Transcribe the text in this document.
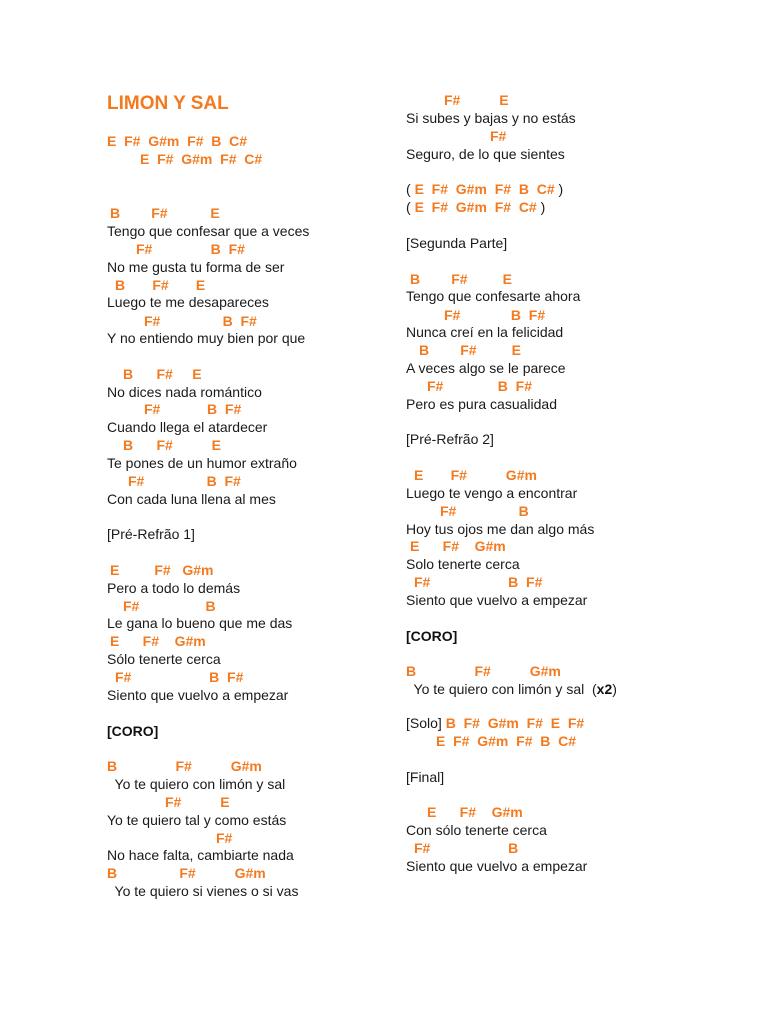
LIMON Y SAL
E  F#  G#m  F#  B  C#
E  F#  G#m  F#  C#
B        F#           E
Tengo que confesar que a veces
F#               B  F#
No me gusta tu forma de ser
B       F#       E
Luego te me desapareces
F#                B  F#
Y no entiendo muy bien por que
B      F#     E
No dices nada romántico
F#            B  F#
Cuando llega el atardecer
B      F#          E
Te pones de un humor extraño
F#                B  F#
Con cada luna llena al mes
[Pré-Refrão 1]
E         F#   G#m
Pero a todo lo demás
F#                 B
Le gana lo bueno que me das
E      F#    G#m
Sólo tenerte cerca
F#                    B  F#
Siento que vuelvo a empezar
[CORO]
B               F#          G#m
Yo te quiero con limón y sal
F#          E
Yo te quiero tal y como estás
F#
No hace falta, cambiarte nada
B                F#          G#m
Yo te quiero si vienes o si vas
F#          E
Si subes y bajas y no estás
F#
Seguro, de lo que sientes
( E  F#  G#m  F#  B  C# )
( E  F#  G#m  F#  C# )
[Segunda Parte]
B        F#         E
Tengo que confesarte ahora
F#             B  F#
Nunca creí en la felicidad
B        F#         E
A veces algo se le parece
F#              B  F#
Pero es pura casualidad
[Pré-Refrão 2]
E       F#          G#m
Luego te vengo a encontrar
F#                B
Hoy tus ojos me dan algo más
E      F#    G#m
Solo tenerte cerca
F#                    B  F#
Siento que vuelvo a empezar
[CORO]
B               F#          G#m
Yo te quiero con limón y sal  (x2)
[Solo] B  F#  G#m  F#  E  F#
E  F#  G#m  F#  B  C#
[Final]
E      F#    G#m
Con sólo tenerte cerca
F#                    B
Siento que vuelvo a empezar
